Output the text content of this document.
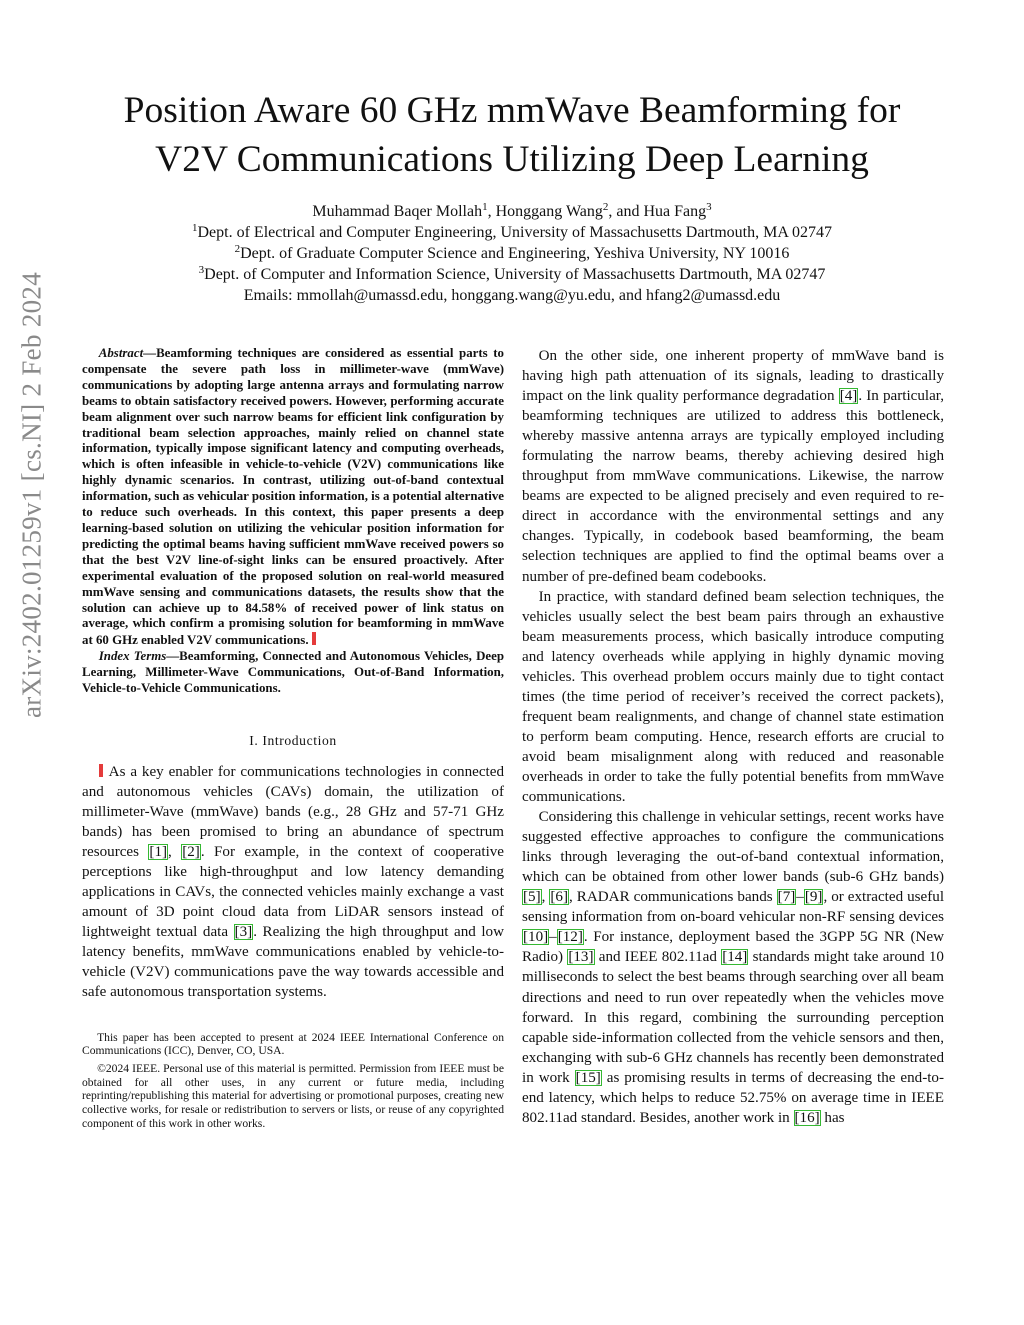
arXiv:2402.01259v1 [cs.NI] 2 Feb 2024
Position Aware 60 GHz mmWave Beamforming for
V2V Communications Utilizing Deep Learning
Muhammad Baqer Mollah$^1$, Honggang Wang$^2$, and Hua Fang$^3$
$^1$Dept. of Electrical and Computer Engineering, University of Massachusetts Dartmouth, MA 02747
$^2$Dept. of Graduate Computer Science and Engineering, Yeshiva University, NY 10016
$^3$Dept. of Computer and Information Science, University of Massachusetts Dartmouth, MA 02747
Emails: mmollah@umassd.edu, honggang.wang@yu.edu, and hfang2@umassd.edu

Abstract—Beamforming techniques are considered as essential parts to compensate the severe path loss in millimeter-wave (mmWave) communications by adopting large antenna arrays and formulating narrow beams to obtain satisfactory received powers. However, performing accurate beam alignment over such narrow beams for efficient link configuration by traditional beam selection approaches, mainly relied on channel state information, typically impose significant latency and computing overheads, which is often infeasible in vehicle-to-vehicle (V2V) communications like highly dynamic scenarios. In contrast, utilizing out-of-band contextual information, such as vehicular position information, is a potential alternative to reduce such overheads. In this context, this paper presents a deep learning-based solution on utilizing the vehicular position information for predicting the optimal beams having sufficient mmWave received powers so that the best V2V line-of-sight links can be ensured proactively. After experimental evaluation of the proposed solution on real-world measured mmWave sensing and communications datasets, the results show that the solution can achieve up to 84.58% of received power of link status on average, which confirm a promising solution for beamforming in mmWave at 60 GHz enabled V2V communications.

Index Terms—Beamforming, Connected and Autonomous Vehicles, Deep Learning, Millimeter-Wave Communications, Out-of-Band Information, Vehicle-to-Vehicle Communications.

I. Introduction

As a key enabler for communications technologies in connected and autonomous vehicles (CAVs) domain, the utilization of millimeter-Wave (mmWave) bands (e.g., 28 GHz and 57-71 GHz bands) has been promised to bring an abundance of spectrum resources [1], [2]. For example, in the context of cooperative perceptions like high-throughput and low latency demanding applications in CAVs, the connected vehicles mainly exchange a vast amount of 3D point cloud data from LiDAR sensors instead of lightweight textual data [3]. Realizing the high throughput and low latency benefits, mmWave communications enabled by vehicle-to-vehicle (V2V) communications pave the way towards accessible and safe autonomous transportation systems.

This paper has been accepted to present at 2024 IEEE International Conference on Communications (ICC), Denver, CO, USA.

©2024 IEEE. Personal use of this material is permitted. Permission from IEEE must be obtained for all other uses, in any current or future media, including reprinting/republishing this material for advertising or promotional purposes, creating new collective works, for resale or redistribution to servers or lists, or reuse of any copyrighted component of this work in other works.

On the other side, one inherent property of mmWave band is having high path attenuation of its signals, leading to drastically impact on the link quality performance degradation [4]. In particular, beamforming techniques are utilized to address this bottleneck, whereby massive antenna arrays are typically employed including formulating the narrow beams, thereby achieving desired high throughput from mmWave communications. Likewise, the narrow beams are expected to be aligned precisely and even required to re-direct in accordance with the environmental settings and any changes. Typically, in codebook based beamforming, the beam selection techniques are applied to find the optimal beams over a number of pre-defined beam codebooks.

In practice, with standard defined beam selection techniques, the vehicles usually select the best beam pairs through an exhaustive beam measurements process, which basically introduce computing and latency overheads while applying in highly dynamic moving vehicles. This overhead problem occurs mainly due to tight contact times (the time period of receiver’s received the correct packets), frequent beam realignments, and change of channel state estimation to perform beam computing. Hence, research efforts are crucial to avoid beam misalignment along with reduced and reasonable overheads in order to take the fully potential benefits from mmWave communications.

Considering this challenge in vehicular settings, recent works have suggested effective approaches to configure the communications links through leveraging the out-of-band contextual information, which can be obtained from other lower bands (sub-6 GHz bands) [5], [6], RADAR communications bands [7]–[9], or extracted useful sensing information from on-board vehicular non-RF sensing devices [10]–[12]. For instance, deployment based the 3GPP 5G NR (New Radio) [13] and IEEE 802.11ad [14] standards might take around 10 milliseconds to select the best beams through searching over all beam directions and need to run over repeatedly when the vehicles move forward. In this regard, combining the surrounding perception capable side-information collected from the vehicle sensors and then, exchanging with sub-6 GHz channels has recently been demonstrated in work [15] as promising results in terms of decreasing the end-to-end latency, which helps to reduce 52.75% on average time in IEEE 802.11ad standard. Besides, another work in [16] has
